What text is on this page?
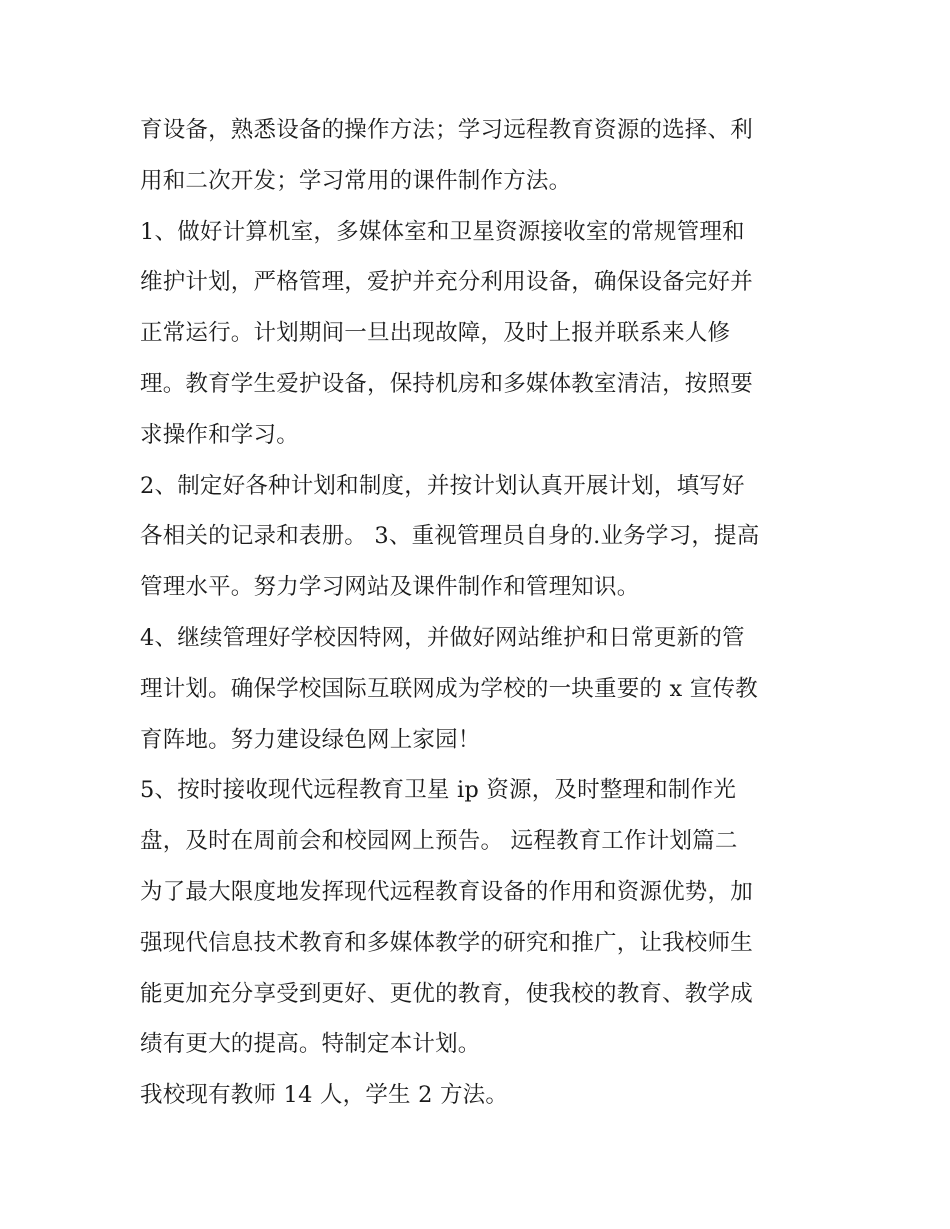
育设备，熟悉设备的操作方法；学习远程教育资源的选择、利
用和二次开发；学习常用的课件制作方法。
1、做好计算机室，多媒体室和卫星资源接收室的常规管理和
维护计划，严格管理，爱护并充分利用设备，确保设备完好并
正常运行。计划期间一旦出现故障，及时上报并联系来人修
理。教育学生爱护设备，保持机房和多媒体教室清洁，按照要
求操作和学习。
2、制定好各种计划和制度，并按计划认真开展计划，填写好
各相关的记录和表册。 3、重视管理员自身的.业务学习，提高
管理水平。努力学习网站及课件制作和管理知识。
4、继续管理好学校因特网，并做好网站维护和日常更新的管
理计划。确保学校国际互联网成为学校的一块重要的 x 宣传教
育阵地。努力建设绿色网上家园！
5、按时接收现代远程教育卫星 ip 资源，及时整理和制作光
盘，及时在周前会和校园网上预告。 远程教育工作计划篇二
为了最大限度地发挥现代远程教育设备的作用和资源优势，加
强现代信息技术教育和多媒体教学的研究和推广，让我校师生
能更加充分享受到更好、更优的教育，使我校的教育、教学成
绩有更大的提高。特制定本计划。
我校现有教师 14 人，学生 2 方法。
